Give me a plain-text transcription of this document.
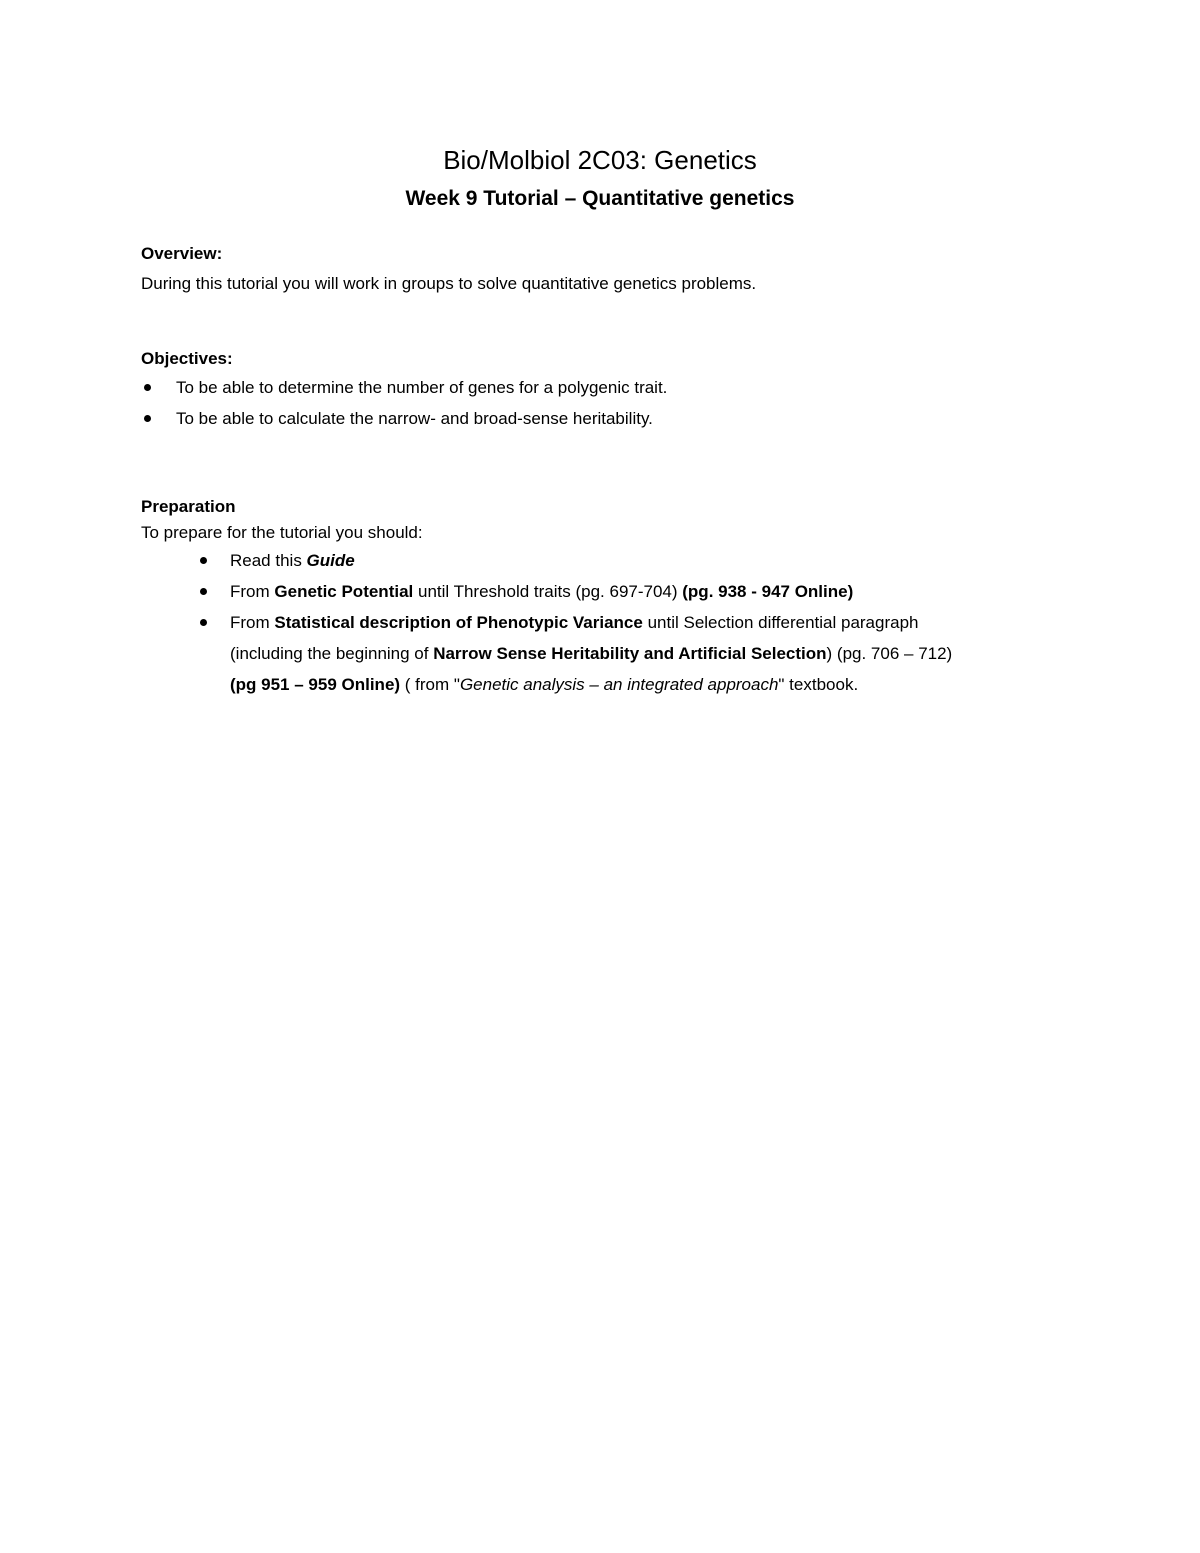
Bio/Molbiol 2C03: Genetics
Week 9 Tutorial – Quantitative genetics
Overview:
During this tutorial you will work in groups to solve quantitative genetics problems.
Objectives:
To be able to determine the number of genes for a polygenic trait.
To be able to calculate the narrow- and broad-sense heritability.
Preparation
To prepare for the tutorial you should:
Read this Guide
From Genetic Potential until Threshold traits (pg. 697-704) (pg. 938 - 947 Online)
From Statistical description of Phenotypic Variance until Selection differential paragraph
(including the beginning of Narrow Sense Heritability and Artificial Selection) (pg. 706 – 712)
(pg 951 – 959 Online) ( from "Genetic analysis – an integrated approach" textbook.
